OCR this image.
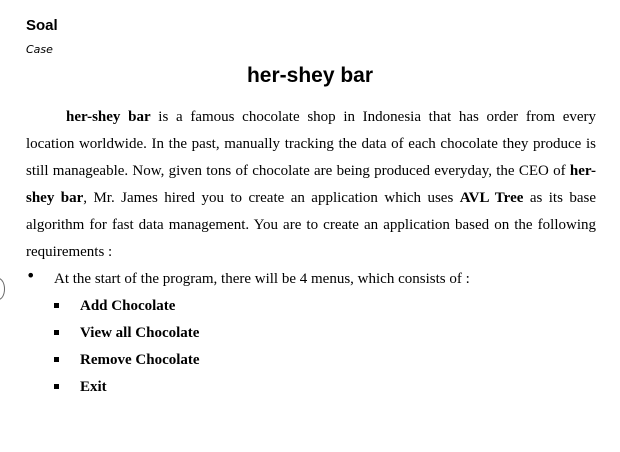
Soal
Case
her-shey bar

her-shey bar is a famous chocolate shop in Indonesia that has order from every location worldwide. In the past, manually tracking the data of each chocolate they produce is still manageable. Now, given tons of chocolate are being produced everyday, the CEO of her-shey bar, Mr. James hired you to create an application which uses AVL Tree as its base algorithm for fast data management. You are to create an application based on the following requirements :

• At the start of the program, there will be 4 menus, which consists of :
Add Chocolate
View all Chocolate
Remove Chocolate
Exit
